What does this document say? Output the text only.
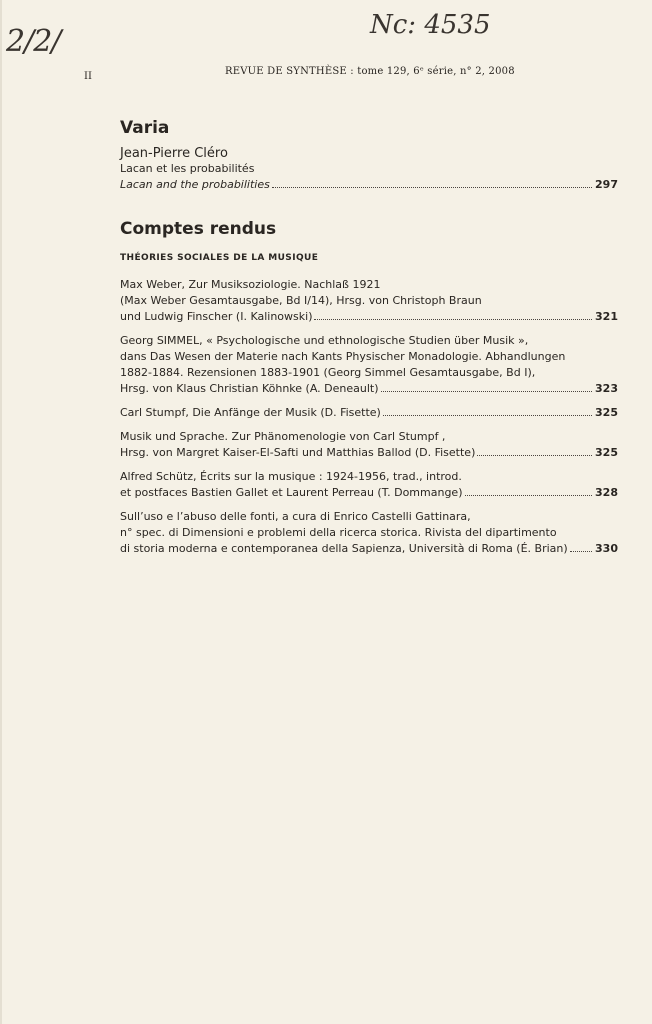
2/2/	Nc: 4535
II	REVUE DE SYNTHÈSE : tome 129, 6ᵉ série, n° 2, 2008
Varia
Jean-Pierre Cléro
Lacan et les probabilités
Lacan and the probabilities	297
Comptes rendus
THÉORIES SOCIALES DE LA MUSIQUE
Max Weber, Zur Musiksoziologie. Nachlaß 1921
(Max Weber Gesamtausgabe, Bd I/14), Hrsg. von Christoph Braun
und Ludwig Finscher (I. Kalinowski)	321
Georg SIMMEL, « Psychologische und ethnologische Studien über Musik »,
dans Das Wesen der Materie nach Kants Physischer Monadologie. Abhandlungen
1882-1884. Rezensionen 1883-1901 (Georg Simmel Gesamtausgabe, Bd I),
Hrsg. von Klaus Christian Köhnke (A. Deneault)	323
Carl Stumpf, Die Anfänge der Musik (D. Fisette)	325
Musik und Sprache. Zur Phänomenologie von Carl Stumpf ,
Hrsg. von Margret Kaiser-El-Safti und Matthias Ballod (D. Fisette)	325
Alfred Schütz, Écrits sur la musique : 1924-1956, trad., introd.
et postfaces Bastien Gallet et Laurent Perreau (T. Dommange)	328
Sull’uso e l’abuso delle fonti, a cura di Enrico Castelli Gattinara,
n° spec. di Dimensioni e problemi della ricerca storica. Rivista del dipartimento
di storia moderna e contemporanea della Sapienza, Università di Roma (É. Brian) 330
